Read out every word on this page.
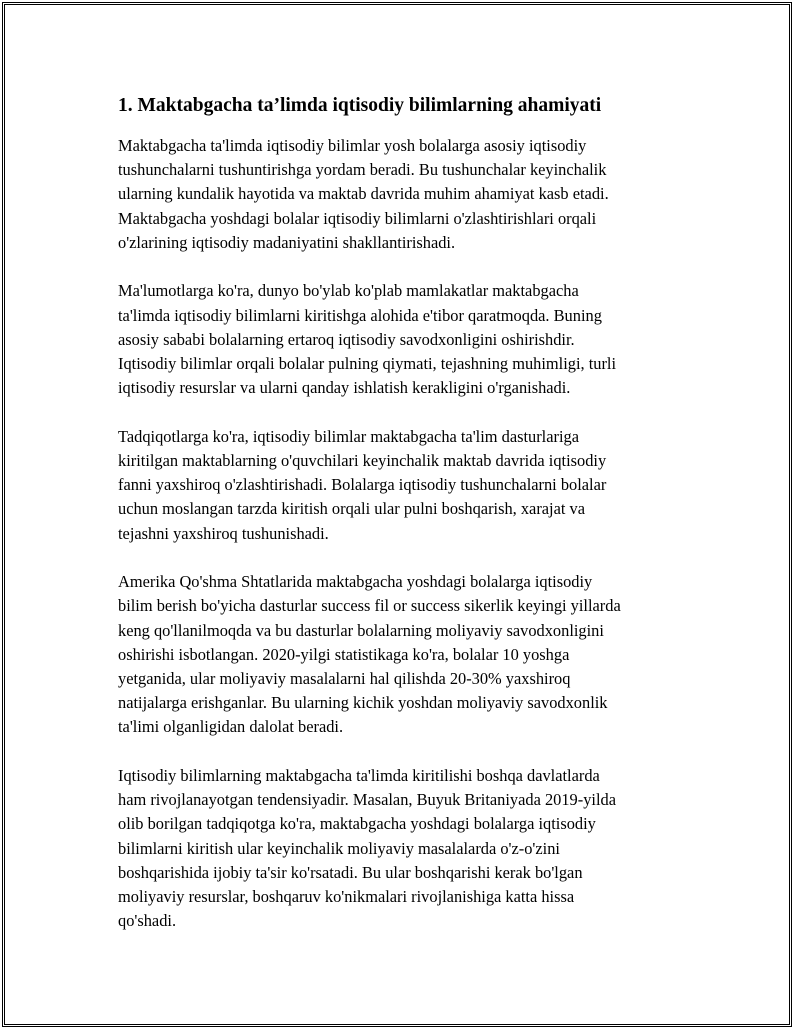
1. Maktabgacha ta’limda iqtisodiy bilimlarning ahamiyati
Maktabgacha ta'limda iqtisodiy bilimlar yosh bolalarga asosiy iqtisodiy
tushunchalarni tushuntirishga yordam beradi. Bu tushunchalar keyinchalik
ularning kundalik hayotida va maktab davrida muhim ahamiyat kasb etadi.
Maktabgacha yoshdagi bolalar iqtisodiy bilimlarni o'zlashtirishlari orqali
o'zlarining iqtisodiy madaniyatini shakllantirishadi.
Ma'lumotlarga ko'ra, dunyo bo'ylab ko'plab mamlakatlar maktabgacha
ta'limda iqtisodiy bilimlarni kiritishga alohida e'tibor qaratmoqda. Buning
asosiy sababi bolalarning ertaroq iqtisodiy savodxonligini oshirishdir.
Iqtisodiy bilimlar orqali bolalar pulning qiymati, tejashning muhimligi, turli
iqtisodiy resurslar va ularni qanday ishlatish kerakligini o'rganishadi.
Tadqiqotlarga ko'ra, iqtisodiy bilimlar maktabgacha ta'lim dasturlariga
kiritilgan maktablarning o'quvchilari keyinchalik maktab davrida iqtisodiy
fanni yaxshiroq o'zlashtirishadi. Bolalarga iqtisodiy tushunchalarni bolalar
uchun moslangan tarzda kiritish orqali ular pulni boshqarish, xarajat va
tejashni yaxshiroq tushunishadi.
Amerika Qo'shma Shtatlarida maktabgacha yoshdagi bolalarga iqtisodiy
bilim berish bo'yicha dasturlar success fil or success sikerlik keyingi yillarda
keng qo'llanilmoqda va bu dasturlar bolalarning moliyaviy savodxonligini
oshirishi isbotlangan. 2020-yilgi statistikaga ko'ra, bolalar 10 yoshga
yetganida, ular moliyaviy masalalarni hal qilishda 20-30% yaxshiroq
natijalarga erishganlar. Bu ularning kichik yoshdan moliyaviy savodxonlik
ta'limi olganligidan dalolat beradi.
Iqtisodiy bilimlarning maktabgacha ta'limda kiritilishi boshqa davlatlarda
ham rivojlanayotgan tendensiyadir. Masalan, Buyuk Britaniyada 2019-yilda
olib borilgan tadqiqotga ko'ra, maktabgacha yoshdagi bolalarga iqtisodiy
bilimlarni kiritish ular keyinchalik moliyaviy masalalarda o'z-o'zini
boshqarishida ijobiy ta'sir ko'rsatadi. Bu ular boshqarishi kerak bo'lgan
moliyaviy resurslar, boshqaruv ko'nikmalari rivojlanishiga katta hissa
qo'shadi.
